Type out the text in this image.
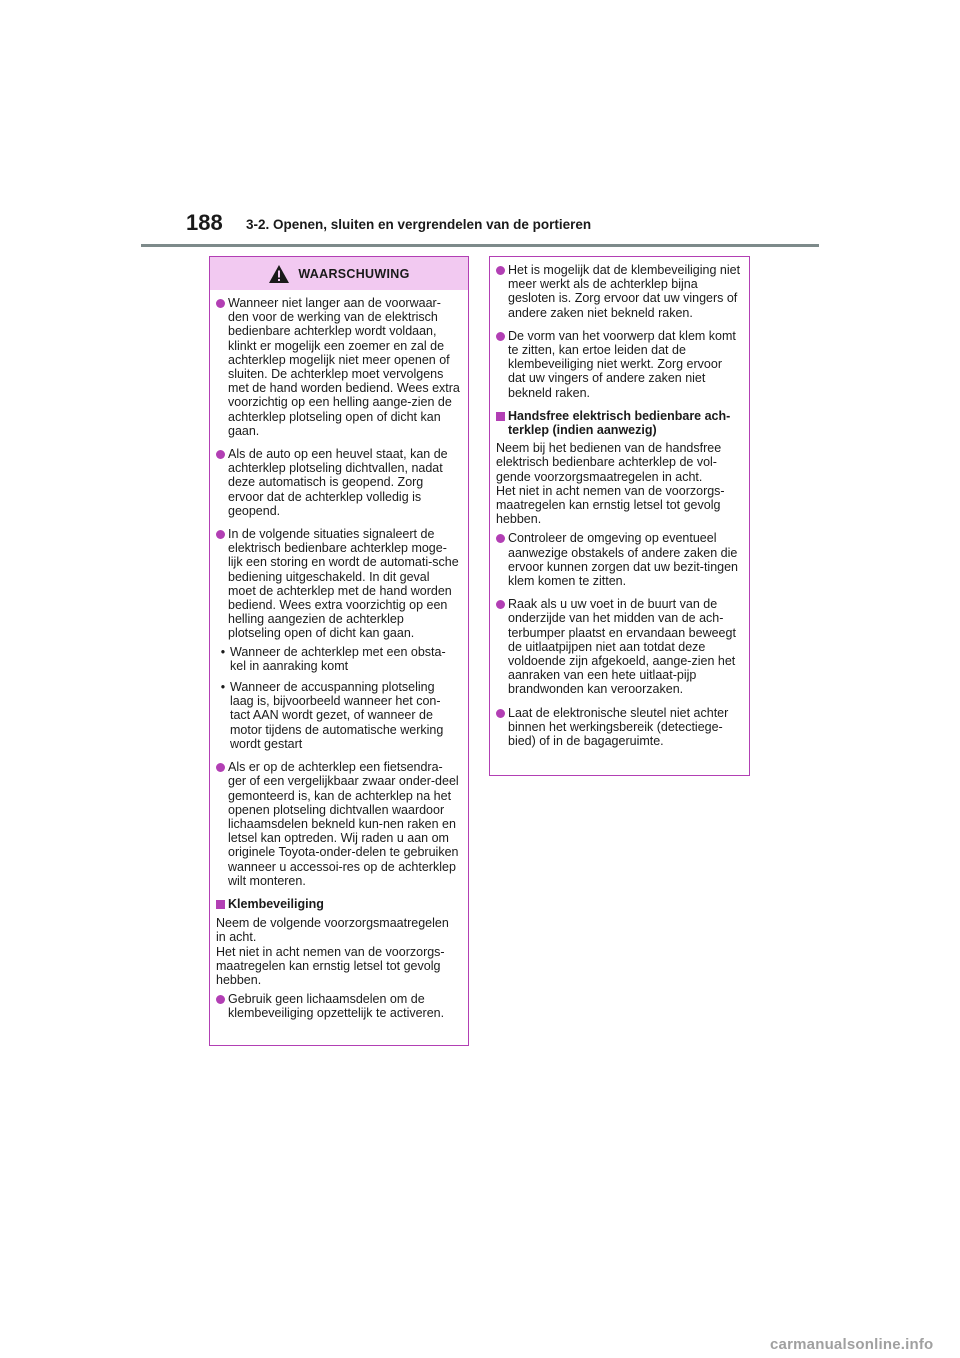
188 3-2. Openen, sluiten en vergrendelen van de portieren
WAARSCHUWING
Wanneer niet langer aan de voorwaar-den voor de werking van de elektrisch bedienbare achterklep wordt voldaan, klinkt er mogelijk een zoemer en zal de achterklep mogelijk niet meer openen of sluiten. De achterklep moet vervolgens met de hand worden bediend. Wees extra voorzichtig op een helling aange-zien de achterklep plotseling open of dicht kan gaan.
Als de auto op een heuvel staat, kan de achterklep plotseling dichtvallen, nadat deze automatisch is geopend. Zorg ervoor dat de achterklep volledig is geopend.
In de volgende situaties signaleert de elektrisch bedienbare achterklep moge-lijk een storing en wordt de automati-sche bediening uitgeschakeld. In dit geval moet de achterklep met de hand worden bediend. Wees extra voorzichtig op een helling aangezien de achterklep plotseling open of dicht kan gaan.
• Wanneer de achterklep met een obsta-kel in aanraking komt
• Wanneer de accuspanning plotseling laag is, bijvoorbeeld wanneer het con-tact AAN wordt gezet, of wanneer de motor tijdens de automatische werking wordt gestart
Als er op de achterklep een fietsendra-ger of een vergelijkbaar zwaar onder-deel gemonteerd is, kan de achterklep na het openen plotseling dichtvallen waardoor lichaamsdelen bekneld kun-nen raken en letsel kan optreden. Wij raden u aan om originele Toyota-onder-delen te gebruiken wanneer u accessoi-res op de achterklep wilt monteren.
Klembeveiliging
Neem de volgende voorzorgsmaatregelen in acht.
Het niet in acht nemen van de voorzorgs-maatregelen kan ernstig letsel tot gevolg hebben.
Gebruik geen lichaamsdelen om de klembeveiliging opzettelijk te activeren.
Het is mogelijk dat de klembeveiliging niet meer werkt als de achterklep bijna gesloten is. Zorg ervoor dat uw vingers of andere zaken niet bekneld raken.
De vorm van het voorwerp dat klem komt te zitten, kan ertoe leiden dat de klembeveiliging niet werkt. Zorg ervoor dat uw vingers of andere zaken niet bekneld raken.
Handsfree elektrisch bedienbare ach-terklep (indien aanwezig)
Neem bij het bedienen van de handsfree elektrisch bedienbare achterklep de vol-gende voorzorgsmaatregelen in acht.
Het niet in acht nemen van de voorzorgs-maatregelen kan ernstig letsel tot gevolg hebben.
Controleer de omgeving op eventueel aanwezige obstakels of andere zaken die ervoor kunnen zorgen dat uw bezit-tingen klem komen te zitten.
Raak als u uw voet in de buurt van de onderzijde van het midden van de ach-terbumper plaatst en ervandaan beweegt de uitlaatpijpen niet aan totdat deze voldoende zijn afgekoeld, aange-zien het aanraken van een hete uitlaat-pijp brandwonden kan veroorzaken.
Laat de elektronische sleutel niet achter binnen het werkingsbereik (detectiege-bied) of in de bagageruimte.
carmanualsonline.info
